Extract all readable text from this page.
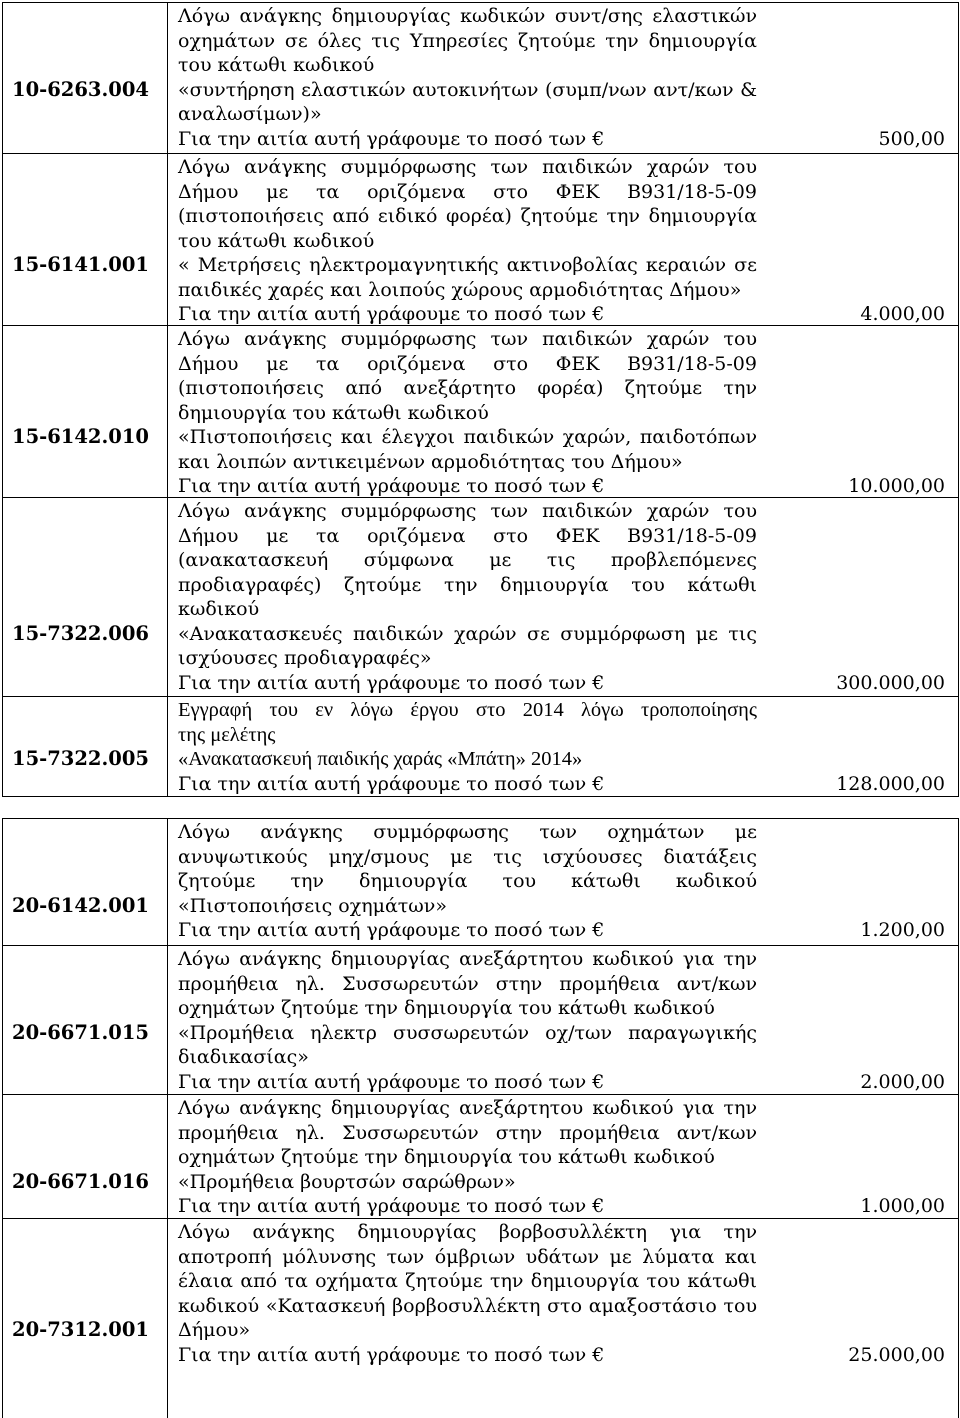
10-6263.004
Λόγω ανάγκης δημιουργίας κωδικών συντ/σης ελαστικών
οχημάτων σε όλες τις Υπηρεσίες ζητούμε την δημιουργία
του κάτωθι κωδικού
«συντήρηση ελαστικών αυτοκινήτων (συμπ/νων αντ/κων &
αναλωσίμων)»
Για την αιτία αυτή γράφουμε το ποσό των €	500,00
15-6141.001
Λόγω ανάγκης συμμόρφωσης των παιδικών χαρών του
Δήμου με τα οριζόμενα στο ΦΕΚ Β931/18-5-09
(πιστοποιήσεις από ειδικό φορέα) ζητούμε την δημιουργία
του κάτωθι κωδικού
« Μετρήσεις ηλεκτρομαγνητικής ακτινοβολίας κεραιών σε
παιδικές χαρές και λοιπούς χώρους αρμοδιότητας Δήμου»
Για την αιτία αυτή γράφουμε το ποσό των €	4.000,00
15-6142.010
Λόγω ανάγκης συμμόρφωσης των παιδικών χαρών του
Δήμου με τα οριζόμενα στο ΦΕΚ Β931/18-5-09
(πιστοποιήσεις από ανεξάρτητο φορέα) ζητούμε την
δημιουργία του κάτωθι κωδικού
«Πιστοποιήσεις και έλεγχοι παιδικών χαρών, παιδοτόπων
και λοιπών αντικειμένων αρμοδιότητας του Δήμου»
Για την αιτία αυτή γράφουμε το ποσό των €	10.000,00
15-7322.006
Λόγω ανάγκης συμμόρφωσης των παιδικών χαρών του
Δήμου με τα οριζόμενα στο ΦΕΚ Β931/18-5-09
(ανακατασκευή σύμφωνα με τις προβλεπόμενες
προδιαγραφές) ζητούμε την δημιουργία του κάτωθι
κωδικού
«Ανακατασκευές παιδικών χαρών σε συμμόρφωση με τις
ισχύουσες προδιαγραφές»
Για την αιτία αυτή γράφουμε το ποσό των €	300.000,00
15-7322.005
Εγγραφή του εν λόγω έργου στο 2014 λόγω τροποποίησης
της μελέτης
«Ανακατασκευή παιδικής χαράς «Μπάτη» 2014»
Για την αιτία αυτή γράφουμε το ποσό των €	128.000,00
20-6142.001
Λόγω ανάγκης συμμόρφωσης των οχημάτων με
ανυψωτικούς μηχ/σμους με τις ισχύουσες διατάξεις
ζητούμε την δημιουργία του κάτωθι κωδικού
«Πιστοποιήσεις οχημάτων»
Για την αιτία αυτή γράφουμε το ποσό των €	1.200,00
20-6671.015
Λόγω ανάγκης δημιουργίας ανεξάρτητου κωδικού για την
προμήθεια ηλ. Συσσωρευτών στην προμήθεια αντ/κων
οχημάτων ζητούμε την δημιουργία του κάτωθι κωδικού
«Προμήθεια ηλεκτρ συσσωρευτών οχ/των παραγωγικής
διαδικασίας»
Για την αιτία αυτή γράφουμε το ποσό των €	2.000,00
20-6671.016
Λόγω ανάγκης δημιουργίας ανεξάρτητου κωδικού για την
προμήθεια ηλ. Συσσωρευτών στην προμήθεια αντ/κων
οχημάτων ζητούμε την δημιουργία του κάτωθι κωδικού
«Προμήθεια βουρτσών σαρώθρων»
Για την αιτία αυτή γράφουμε το ποσό των €	1.000,00
20-7312.001
Λόγω ανάγκης δημιουργίας βορβοσυλλέκτη για την
αποτροπή μόλυνσης των όμβριων υδάτων με λύματα και
έλαια από τα οχήματα ζητούμε την δημιουργία του κάτωθι
κωδικού «Κατασκευή βορβοσυλλέκτη στο αμαξοστάσιο του
Δήμου»
Για την αιτία αυτή γράφουμε το ποσό των €	25.000,00
